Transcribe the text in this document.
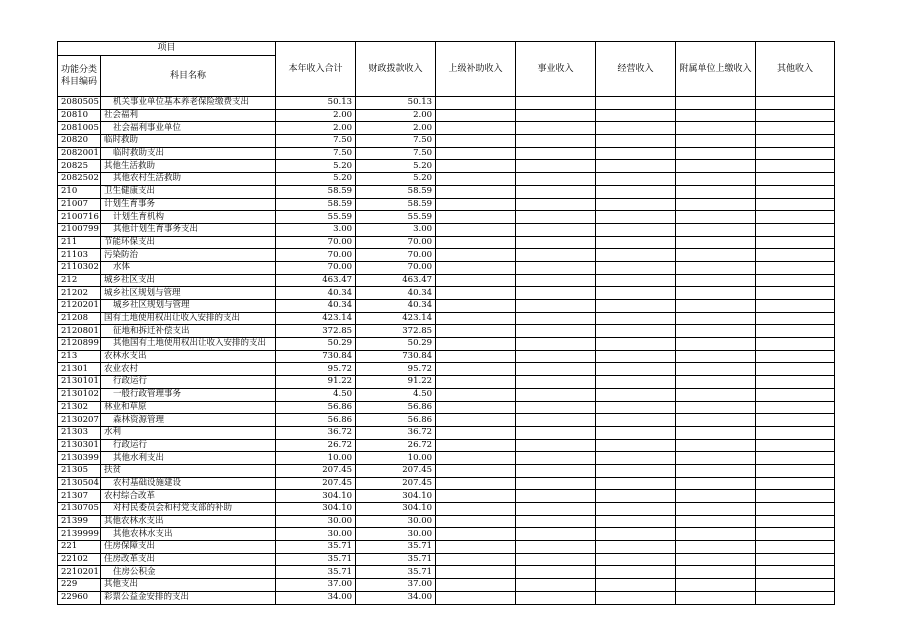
项目		本年收入合计	财政拨款收入	上级补助收入	事业收入	经营收入	附属单位上缴收入	其他收入
功能分类科目编码	科目名称							
2080505	机关事业单位基本养老保险缴费支出	50.13	50.13					
20810	社会福利	2.00	2.00					
2081005	社会福利事业单位	2.00	2.00					
20820	临时救助	7.50	7.50					
2082001	临时救助支出	7.50	7.50					
20825	其他生活救助	5.20	5.20					
2082502	其他农村生活救助	5.20	5.20					
210	卫生健康支出	58.59	58.59					
21007	计划生育事务	58.59	58.59					
2100716	计划生育机构	55.59	55.59					
2100799	其他计划生育事务支出	3.00	3.00					
211	节能环保支出	70.00	70.00					
21103	污染防治	70.00	70.00					
2110302	水体	70.00	70.00					
212	城乡社区支出	463.47	463.47					
21202	城乡社区规划与管理	40.34	40.34					
2120201	城乡社区规划与管理	40.34	40.34					
21208	国有土地使用权出让收入安排的支出	423.14	423.14					
2120801	征地和拆迁补偿支出	372.85	372.85					
2120899	其他国有土地使用权出让收入安排的支出	50.29	50.29					
213	农林水支出	730.84	730.84					
21301	农业农村	95.72	95.72					
2130101	行政运行	91.22	91.22					
2130102	一般行政管理事务	4.50	4.50					
21302	林业和草原	56.86	56.86					
2130207	森林资源管理	56.86	56.86					
21303	水利	36.72	36.72					
2130301	行政运行	26.72	26.72					
2130399	其他水利支出	10.00	10.00					
21305	扶贫	207.45	207.45					
2130504	农村基础设施建设	207.45	207.45					
21307	农村综合改革	304.10	304.10					
2130705	对村民委员会和村党支部的补助	304.10	304.10					
21399	其他农林水支出	30.00	30.00					
2139999	其他农林水支出	30.00	30.00					
221	住房保障支出	35.71	35.71					
22102	住房改革支出	35.71	35.71					
2210201	住房公积金	35.71	35.71					
229	其他支出	37.00	37.00					
22960	彩票公益金安排的支出	34.00	34.00					
